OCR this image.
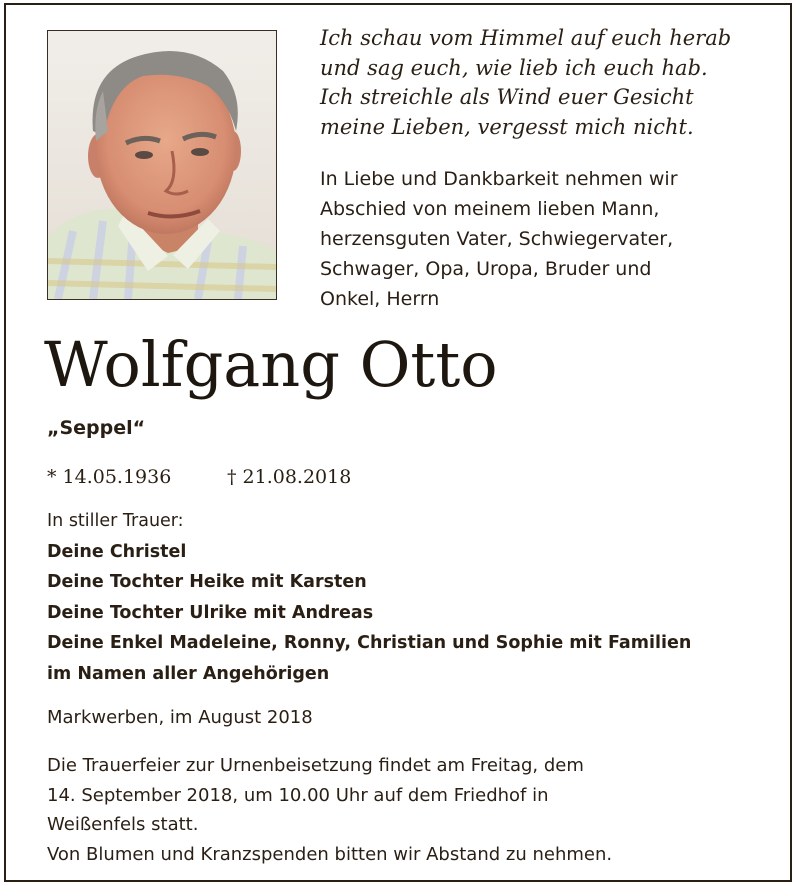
Ich schau vom Himmel auf euch herab
und sag euch, wie lieb ich euch hab.
Ich streichle als Wind euer Gesicht
meine Lieben, vergesst mich nicht.
In Liebe und Dankbarkeit nehmen wir
Abschied von meinem lieben Mann,
herzensguten Vater, Schwiegervater,
Schwager, Opa, Uropa, Bruder und
Onkel, Herrn
Wolfgang Otto
„Seppel“
* 14.05.1936	† 21.08.2018
In stiller Trauer:
Deine Christel
Deine Tochter Heike mit Karsten
Deine Tochter Ulrike mit Andreas
Deine Enkel Madeleine, Ronny, Christian und Sophie mit Familien
im Namen aller Angehörigen
Markwerben, im August 2018
Die Trauerfeier zur Urnenbeisetzung findet am Freitag, dem
14. September 2018, um 10.00 Uhr auf dem Friedhof in
Weißenfels statt.
Von Blumen und Kranzspenden bitten wir Abstand zu nehmen.
